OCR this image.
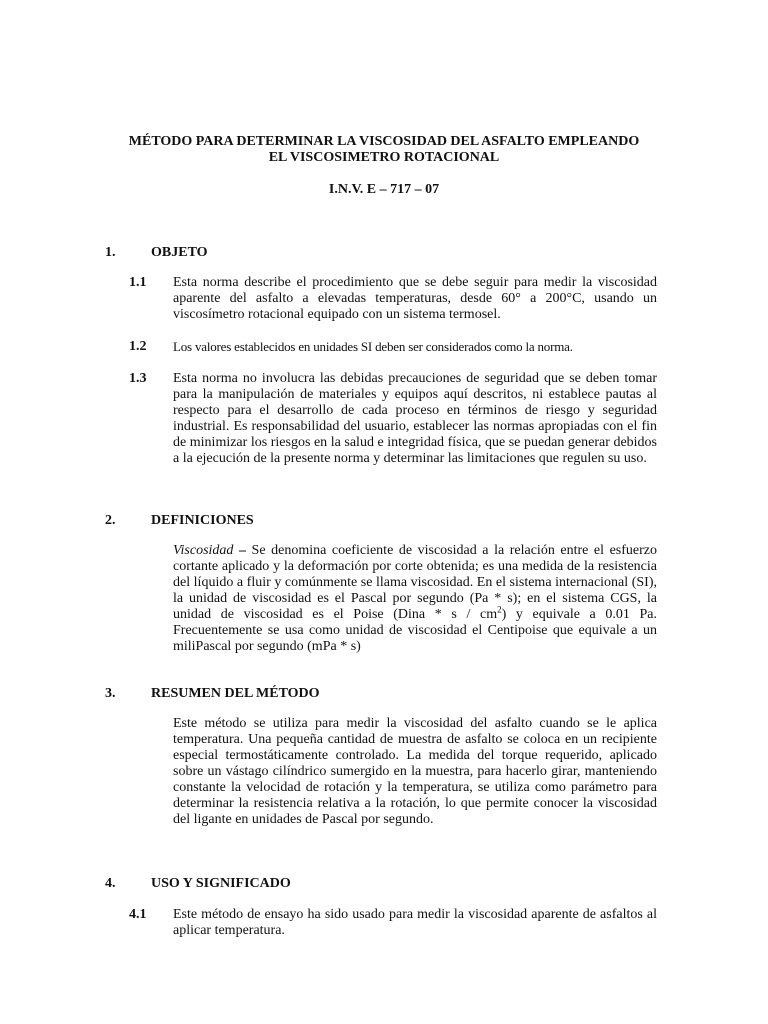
MÉTODO PARA DETERMINAR LA VISCOSIDAD DEL ASFALTO EMPLEANDO
EL VISCOSIMETRO ROTACIONAL
I.N.V. E – 717 – 07
1.	OBJETO
1.1 Esta norma describe el procedimiento que se debe seguir para medir la viscosidad aparente del asfalto a elevadas temperaturas, desde 60° a 200°C, usando un viscosímetro rotacional equipado con un sistema termosel.
1.2 Los valores establecidos en unidades SI deben ser considerados como la norma.
1.3 Esta norma no involucra las debidas precauciones de seguridad que se deben tomar para la manipulación de materiales y equipos aquí descritos, ni establece pautas al respecto para el desarrollo de cada proceso en términos de riesgo y seguridad industrial. Es responsabilidad del usuario, establecer las normas apropiadas con el fin de minimizar los riesgos en la salud e integridad física, que se puedan generar debidos a la ejecución de la presente norma y determinar las limitaciones que regulen su uso.
2.	DEFINICIONES
Viscosidad – Se denomina coeficiente de viscosidad a la relación entre el esfuerzo cortante aplicado y la deformación por corte obtenida; es una medida de la resistencia del líquido a fluir y comúnmente se llama viscosidad. En el sistema internacional (SI), la unidad de viscosidad es el Pascal por segundo (Pa * s); en el sistema CGS, la unidad de viscosidad es el Poise (Dina * s / $cm^2$) y equivale a 0.01 Pa. Frecuentemente se usa como unidad de viscosidad el Centipoise que equivale a un miliPascal por segundo (mPa * s)
3.	RESUMEN DEL MÉTODO
Este método se utiliza para medir la viscosidad del asfalto cuando se le aplica temperatura. Una pequeña cantidad de muestra de asfalto se coloca en un recipiente especial termostáticamente controlado. La medida del torque requerido, aplicado sobre un vástago cilíndrico sumergido en la muestra, para hacerlo girar, manteniendo constante la velocidad de rotación y la temperatura, se utiliza como parámetro para determinar la resistencia relativa a la rotación, lo que permite conocer la viscosidad del ligante en unidades de Pascal por segundo.
4.	USO Y SIGNIFICADO
4.1 Este método de ensayo ha sido usado para medir la viscosidad aparente de asfaltos al aplicar temperatura.
